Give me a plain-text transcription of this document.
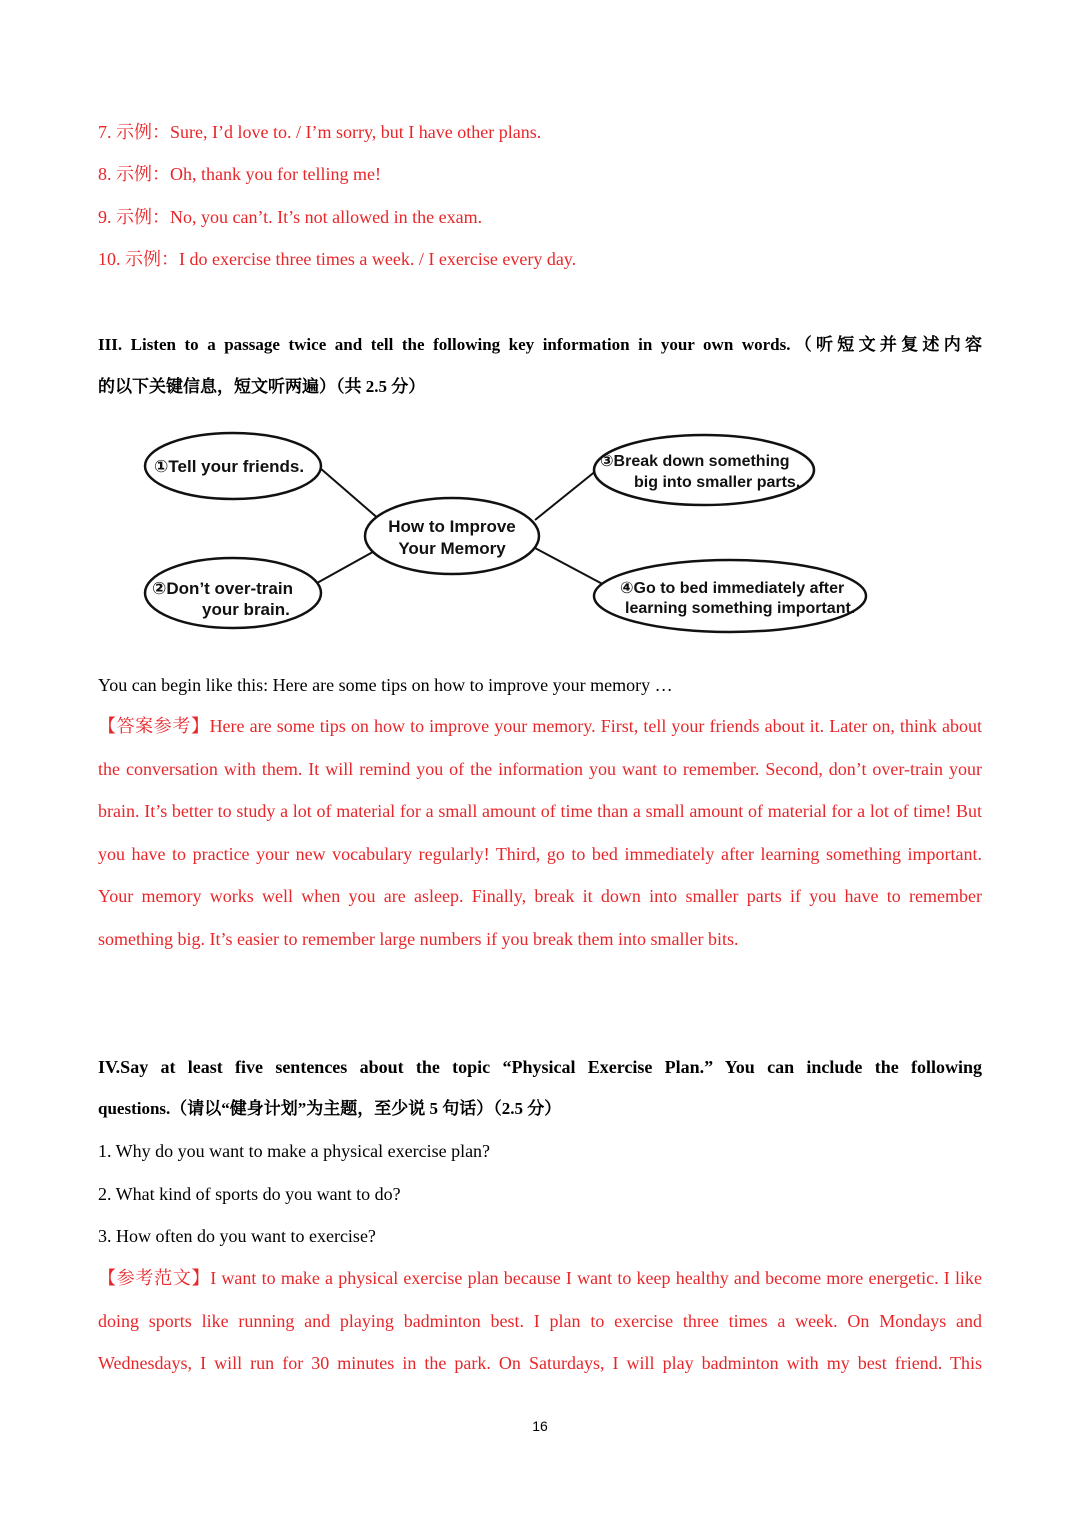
7. 示例：Sure, I’d love to. / I’m sorry, but I have other plans.
8. 示例：Oh, thank you for telling me!
9. 示例：No, you can’t. It’s not allowed in the exam.
10. 示例：I do exercise three times a week. / I exercise every day.
III. Listen to a passage twice and tell the following key information in your own words.（听短文并复述内容
的以下关键信息，短文听两遍）（共 2.5 分）
①Tell your friends.
②Don’t over-train
your brain.
How to Improve
Your Memory
③Break down something
big into smaller parts.
④Go to bed immediately after
learning something important.
You can begin like this: Here are some tips on how to improve your memory …
【答案参考】Here are some tips on how to improve your memory. First, tell your friends about it. Later on, think about the conversation with them. It will remind you of the information you want to remember. Second, don’t over-train your brain. It’s better to study a lot of material for a small amount of time than a small amount of material for a lot of time! But you have to practice your new vocabulary regularly! Third, go to bed immediately after learning something important. Your memory works well when you are asleep. Finally, break it down into smaller parts if you have to remember something big. It’s easier to remember large numbers if you break them into smaller bits.
IV.Say at least five sentences about the topic “Physical Exercise Plan.” You can include the following
questions.（请以“健身计划”为主题，至少说 5 句话）（2.5 分）
1. Why do you want to make a physical exercise plan?
2. What kind of sports do you want to do?
3. How often do you want to exercise?
【参考范文】I want to make a physical exercise plan because I want to keep healthy and become more energetic. I like doing sports like running and playing badminton best. I plan to exercise three times a week. On Mondays and Wednesdays, I will run for 30 minutes in the park. On Saturdays, I will play badminton with my best friend. This
16
